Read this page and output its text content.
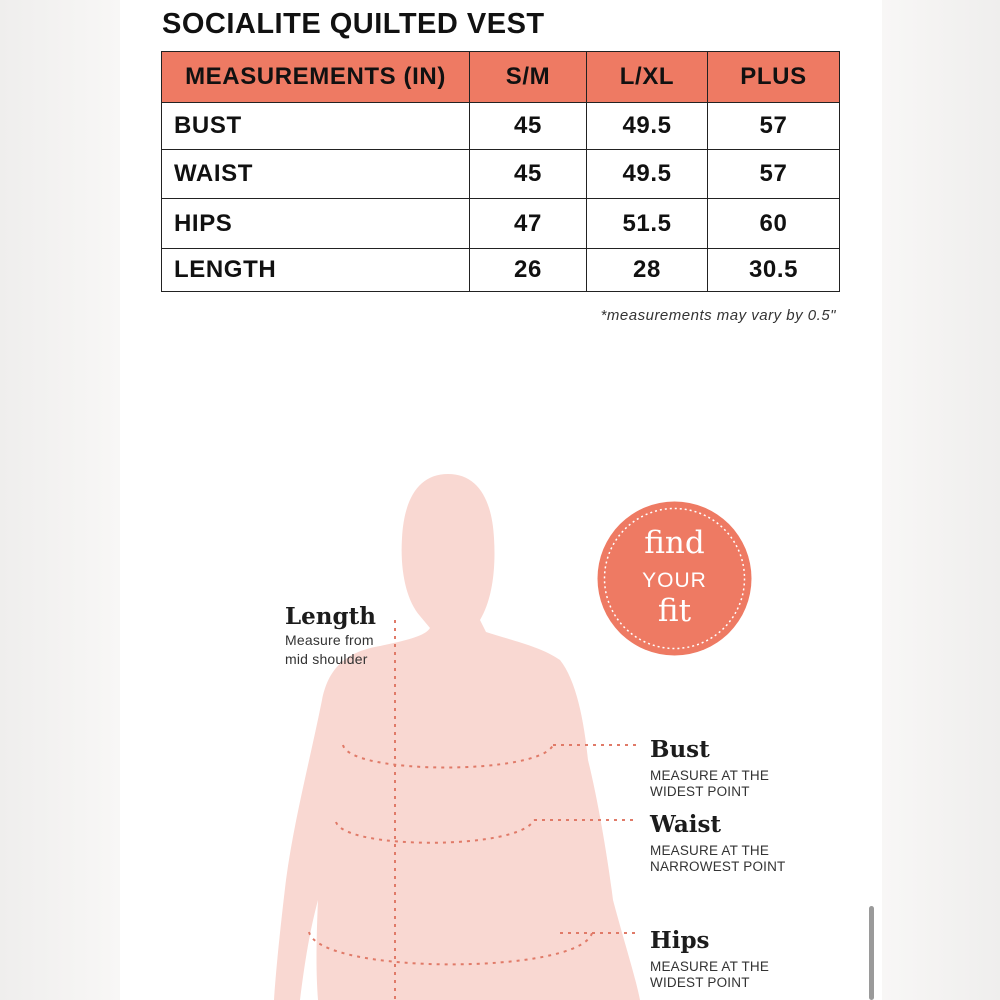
SOCIALITE QUILTED VEST
MEASUREMENTS (IN)	S/M	L/XL	PLUS
BUST	45	49.5	57
WAIST	45	49.5	57
HIPS	47	51.5	60
LENGTH	26	28	30.5
*measurements may vary by 0.5"
find
YOUR
fit
Length
Measure from
mid shoulder
Bust
MEASURE AT THE
WIDEST POINT
Waist
MEASURE AT THE
NARROWEST POINT
Hips
MEASURE AT THE
WIDEST POINT
